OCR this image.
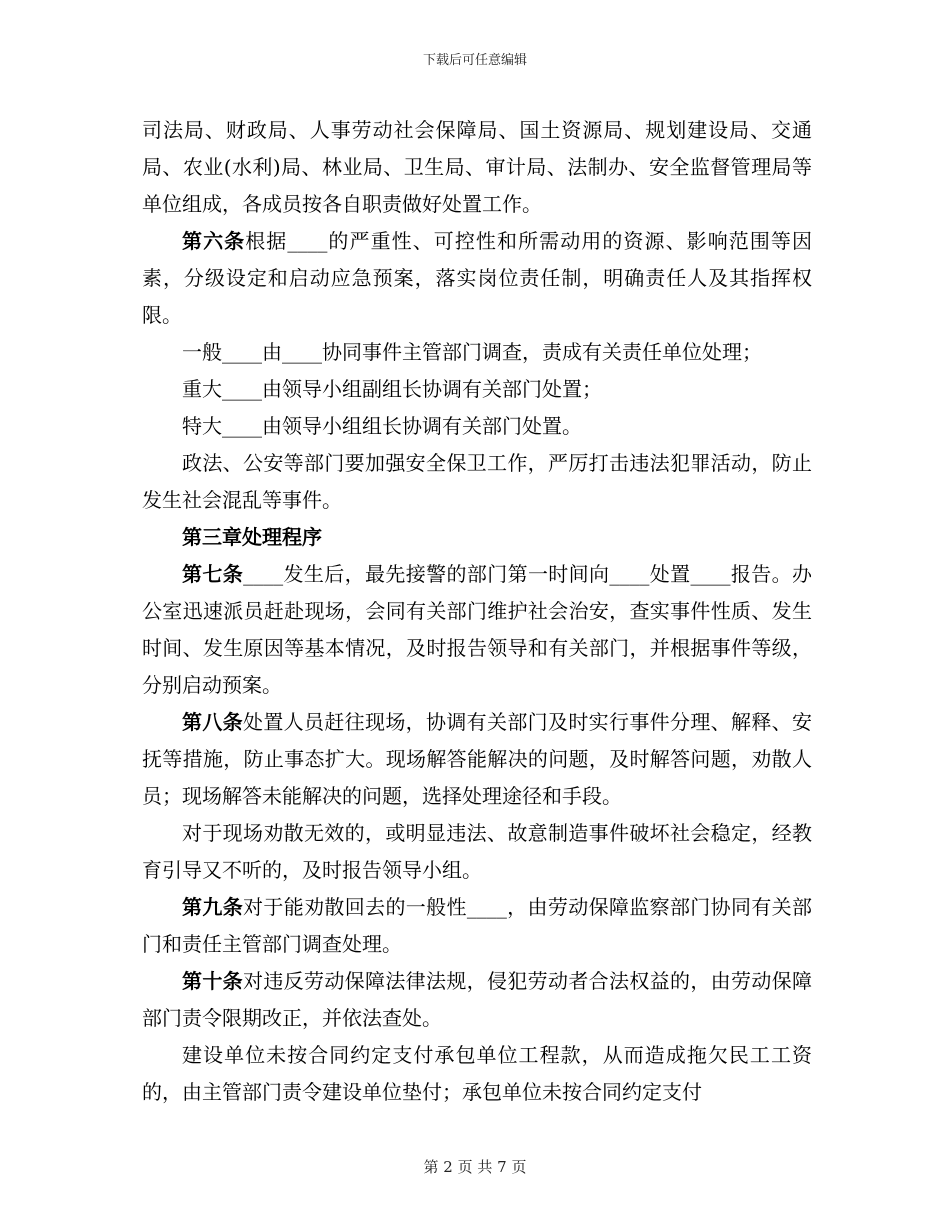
下载后可任意编辑

司法局、财政局、人事劳动社会保障局、国土资源局、规划建设局、交通局、农业(水利)局、林业局、卫生局、审计局、法制办、安全监督管理局等单位组成，各成员按各自职责做好处置工作。

第六条根据____的严重性、可控性和所需动用的资源、影响范围等因素，分级设定和启动应急预案，落实岗位责任制，明确责任人及其指挥权限。

一般____由____协同事件主管部门调查，责成有关责任单位处理；

重大____由领导小组副组长协调有关部门处置；

特大____由领导小组组长协调有关部门处置。

政法、公安等部门要加强安全保卫工作，严厉打击违法犯罪活动，防止发生社会混乱等事件。

第三章处理程序

第七条____发生后，最先接警的部门第一时间向____处置____报告。办公室迅速派员赶赴现场，会同有关部门维护社会治安，查实事件性质、发生时间、发生原因等基本情况，及时报告领导和有关部门，并根据事件等级，分别启动预案。

第八条处置人员赶往现场，协调有关部门及时实行事件分理、解释、安抚等措施，防止事态扩大。现场解答能解决的问题，及时解答问题，劝散人员；现场解答未能解决的问题，选择处理途径和手段。

对于现场劝散无效的，或明显违法、故意制造事件破坏社会稳定，经教育引导又不听的，及时报告领导小组。

第九条对于能劝散回去的一般性____，由劳动保障监察部门协同有关部门和责任主管部门调查处理。

第十条对违反劳动保障法律法规，侵犯劳动者合法权益的，由劳动保障部门责令限期改正，并依法查处。

建设单位未按合同约定支付承包单位工程款，从而造成拖欠民工工资的，由主管部门责令建设单位垫付；承包单位未按合同约定支付

第 2 页 共 7 页
